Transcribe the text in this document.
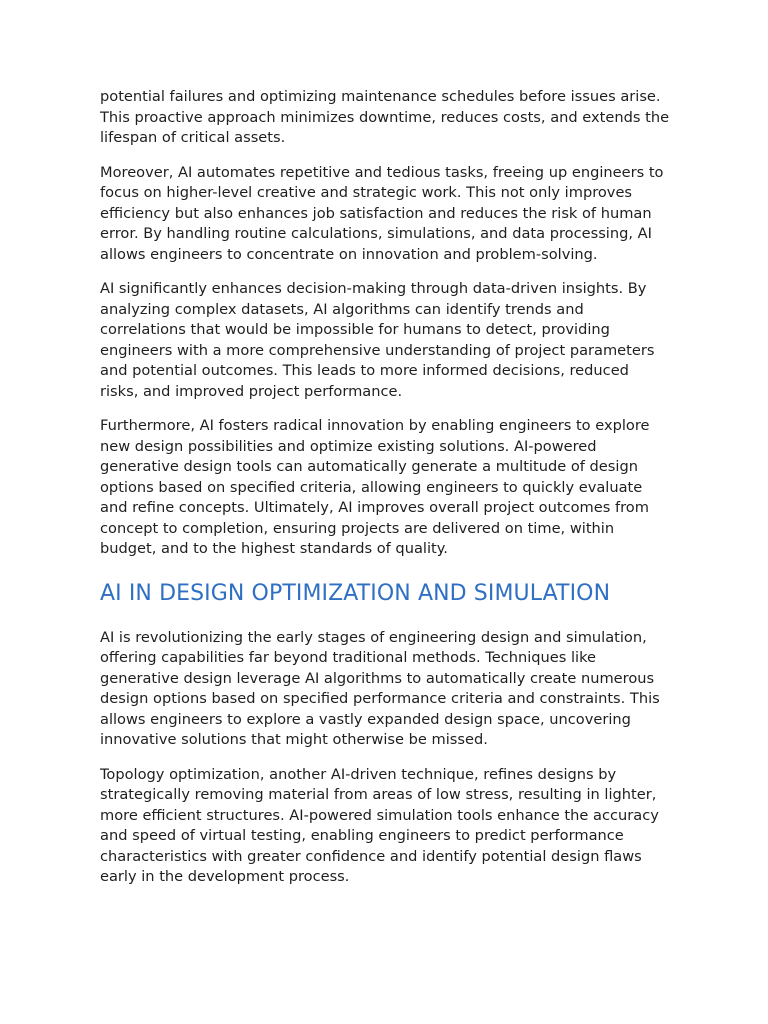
potential failures and optimizing maintenance schedules before issues arise. This proactive approach minimizes downtime, reduces costs, and extends the lifespan of critical assets.

Moreover, AI automates repetitive and tedious tasks, freeing up engineers to focus on higher-level creative and strategic work. This not only improves efficiency but also enhances job satisfaction and reduces the risk of human error. By handling routine calculations, simulations, and data processing, AI allows engineers to concentrate on innovation and problem-solving.

AI significantly enhances decision-making through data-driven insights. By analyzing complex datasets, AI algorithms can identify trends and correlations that would be impossible for humans to detect, providing engineers with a more comprehensive understanding of project parameters and potential outcomes. This leads to more informed decisions, reduced risks, and improved project performance.

Furthermore, AI fosters radical innovation by enabling engineers to explore new design possibilities and optimize existing solutions. AI-powered generative design tools can automatically generate a multitude of design options based on specified criteria, allowing engineers to quickly evaluate and refine concepts. Ultimately, AI improves overall project outcomes from concept to completion, ensuring projects are delivered on time, within budget, and to the highest standards of quality.

AI IN DESIGN OPTIMIZATION AND SIMULATION

AI is revolutionizing the early stages of engineering design and simulation, offering capabilities far beyond traditional methods. Techniques like generative design leverage AI algorithms to automatically create numerous design options based on specified performance criteria and constraints. This allows engineers to explore a vastly expanded design space, uncovering innovative solutions that might otherwise be missed.

Topology optimization, another AI-driven technique, refines designs by strategically removing material from areas of low stress, resulting in lighter, more efficient structures. AI-powered simulation tools enhance the accuracy and speed of virtual testing, enabling engineers to predict performance characteristics with greater confidence and identify potential design flaws early in the development process.
